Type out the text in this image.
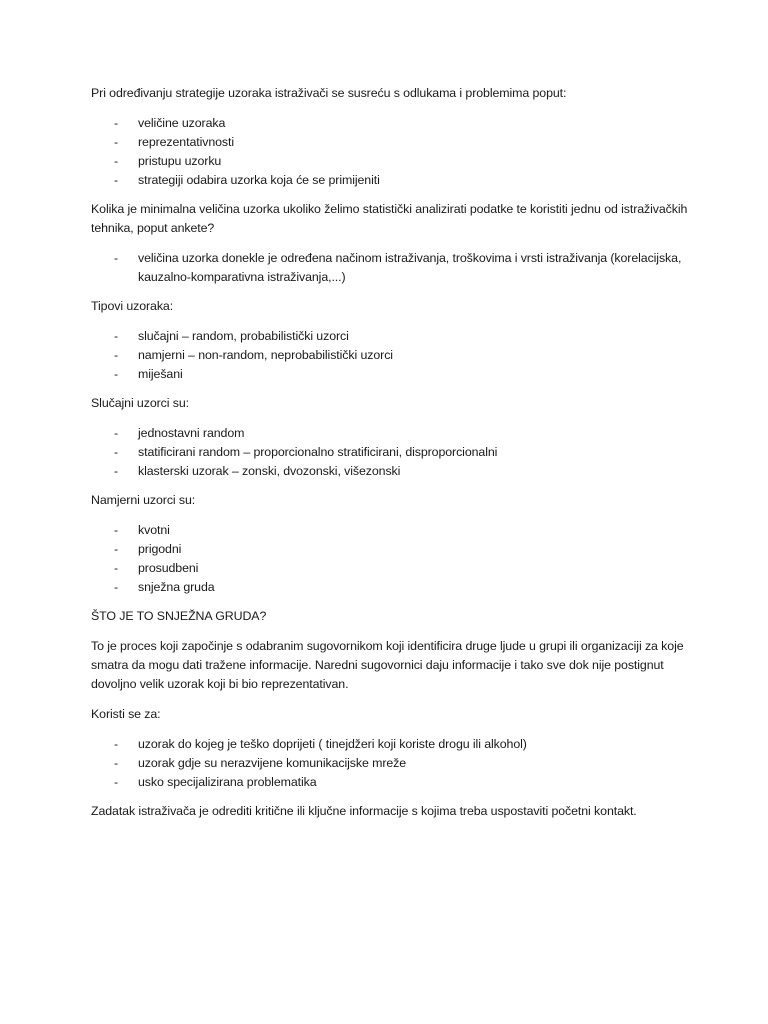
Pri određivanju strategije uzoraka istraživači se susreću s odlukama i problemima poput:

- veličine uzoraka
- reprezentativnosti
- pristupu uzorku
- strategiji odabira uzorka koja će se primijeniti

Kolika je minimalna veličina uzorka ukoliko želimo statistički analizirati podatke te koristiti jednu od istraživačkih tehnika, poput ankete?

- veličina uzorka donekle je određena načinom istraživanja, troškovima i vrsti istraživanja (korelacijska, kauzalno-komparativna istraživanja,...)

Tipovi uzoraka:

- slučajni – random, probabilistički uzorci
- namjerni – non-random, neprobabilistički uzorci
- miješani

Slučajni uzorci su:

- jednostavni random
- statificirani random – proporcionalno stratificirani, disproporcionalni
- klasterski uzorak – zonski, dvozonski, višezonski

Namjerni uzorci su:

- kvotni
- prigodni
- prosudbeni
- snježna gruda

ŠTO JE TO SNJEŽNA GRUDA?

To je proces koji započinje s odabranim sugovornikom koji identificira druge ljude u grupi ili organizaciji za koje smatra da mogu dati tražene informacije. Naredni sugovornici daju informacije i tako sve dok nije postignut dovoljno velik uzorak koji bi bio reprezentativan.

Koristi se za:

- uzorak do kojeg je teško doprijeti ( tinejdžeri koji koriste drogu ili alkohol)
- uzorak gdje su nerazvijene komunikacijske mreže
- usko specijalizirana problematika

Zadatak istraživača je odrediti kritične ili ključne informacije s kojima treba uspostaviti početni kontakt.
